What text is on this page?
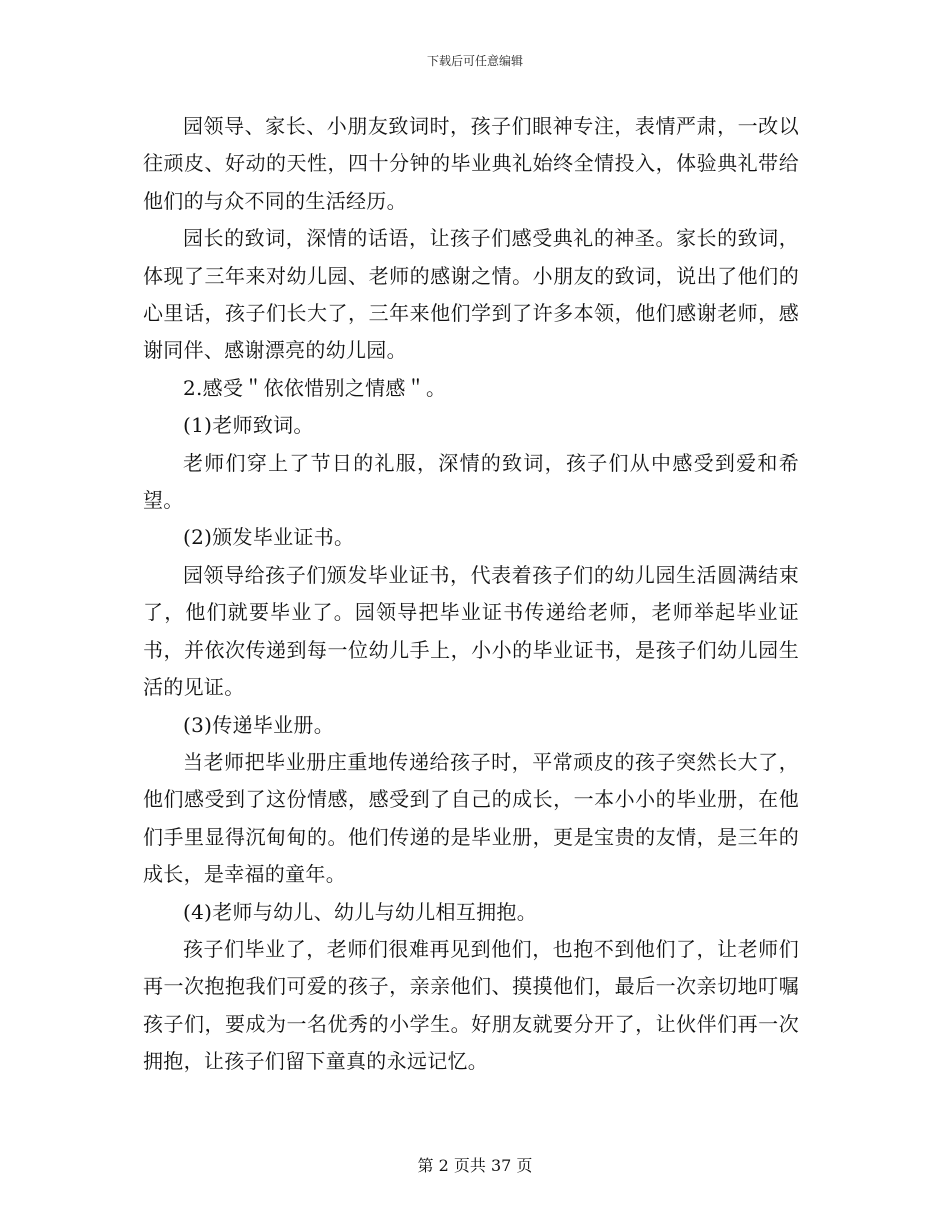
下载后可任意编辑

园领导、家长、小朋友致词时，孩子们眼神专注，表情严肃，一改以往顽皮、好动的天性，四十分钟的毕业典礼始终全情投入，体验典礼带给他们的与众不同的生活经历。

园长的致词，深情的话语，让孩子们感受典礼的神圣。家长的致词，体现了三年来对幼儿园、老师的感谢之情。小朋友的致词，说出了他们的心里话，孩子们长大了，三年来他们学到了许多本领，他们感谢老师，感谢同伴、感谢漂亮的幼儿园。

2.感受＂依依惜别之情感＂。

(1)老师致词。

老师们穿上了节日的礼服，深情的致词，孩子们从中感受到爱和希望。

(2)颁发毕业证书。

园领导给孩子们颁发毕业证书，代表着孩子们的幼儿园生活圆满结束了，他们就要毕业了。园领导把毕业证书传递给老师，老师举起毕业证书，并依次传递到每一位幼儿手上，小小的毕业证书，是孩子们幼儿园生活的见证。

(3)传递毕业册。

当老师把毕业册庄重地传递给孩子时，平常顽皮的孩子突然长大了，他们感受到了这份情感，感受到了自己的成长，一本小小的毕业册，在他们手里显得沉甸甸的。他们传递的是毕业册，更是宝贵的友情，是三年的成长，是幸福的童年。

(4)老师与幼儿、幼儿与幼儿相互拥抱。

孩子们毕业了，老师们很难再见到他们，也抱不到他们了，让老师们再一次抱抱我们可爱的孩子，亲亲他们、摸摸他们，最后一次亲切地叮嘱孩子们，要成为一名优秀的小学生。好朋友就要分开了，让伙伴们再一次拥抱，让孩子们留下童真的永远记忆。

第 2 页共 37 页
